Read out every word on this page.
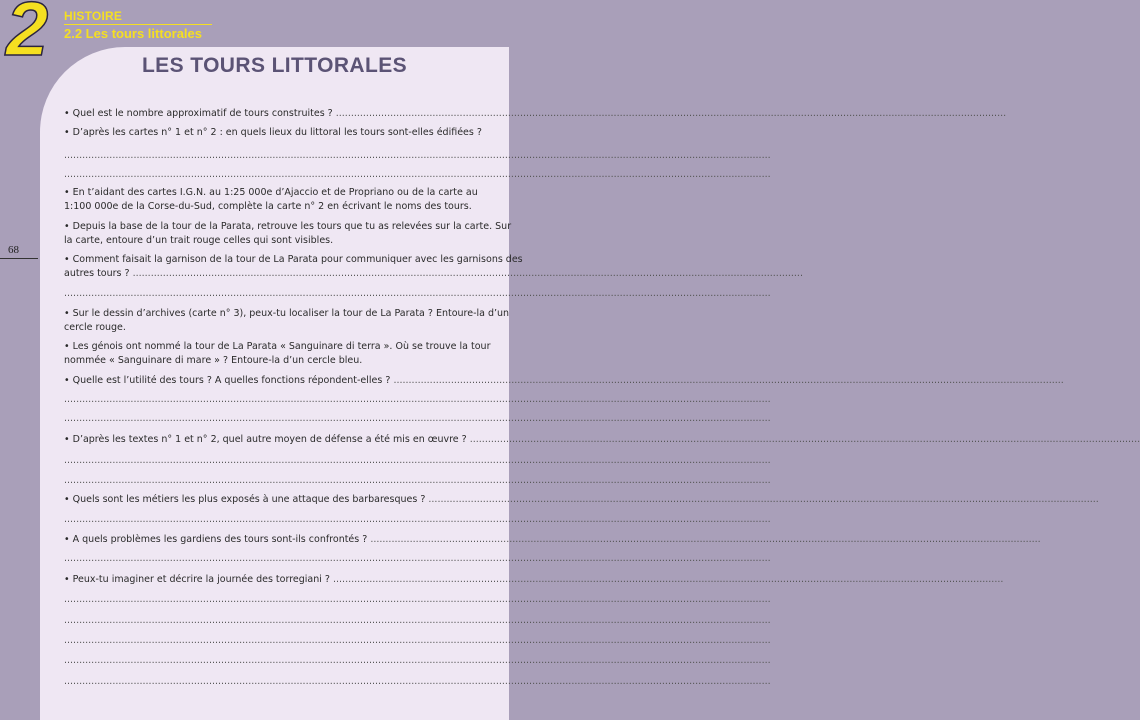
2 HISTOIRE
2.2 Les tours littorales
68
LES TOURS LITTORALES

• Quel est le nombre approximatif de tours construites ? .....

• D’après les cartes n° 1 et n° 2 : en quels lieux du littoral les tours sont-elles édifiées ?

.....

.....

• En t’aidant des cartes I.G.N. au 1:25 000e d’Ajaccio et de Propriano ou de la carte au

1:100 000e de la Corse-du-Sud, complète la carte n° 2 en écrivant le noms des tours.

• Depuis la base de la tour de la Parata, retrouve les tours que tu as relevées sur la carte. Sur

la carte, entoure d’un trait rouge celles qui sont visibles.

• Comment faisait la garnison de la tour de La Parata pour communiquer avec les garnisons des

autres tours ? .....

.....

• Sur le dessin d’archives (carte n° 3), peux-tu localiser la tour de La Parata ? Entoure-la d’un

cercle rouge.

• Les génois ont nommé la tour de La Parata « Sanguinare di terra ». Où se trouve la tour

nommée « Sanguinare di mare » ? Entoure-la d’un cercle bleu.

• Quelle est l’utilité des tours ? A quelles fonctions répondent-elles ? .....

.....

.....

• D’après les textes n° 1 et n° 2, quel autre moyen de défense a été mis en œuvre ? .....

.....

.....

• Quels sont les métiers les plus exposés à une attaque des barbaresques ? .....

.....

• A quels problèmes les gardiens des tours sont-ils confrontés ? .....

.....

• Peux-tu imaginer et décrire la journée des torregiani ? .....

.....

.....

.....

.....

.....
